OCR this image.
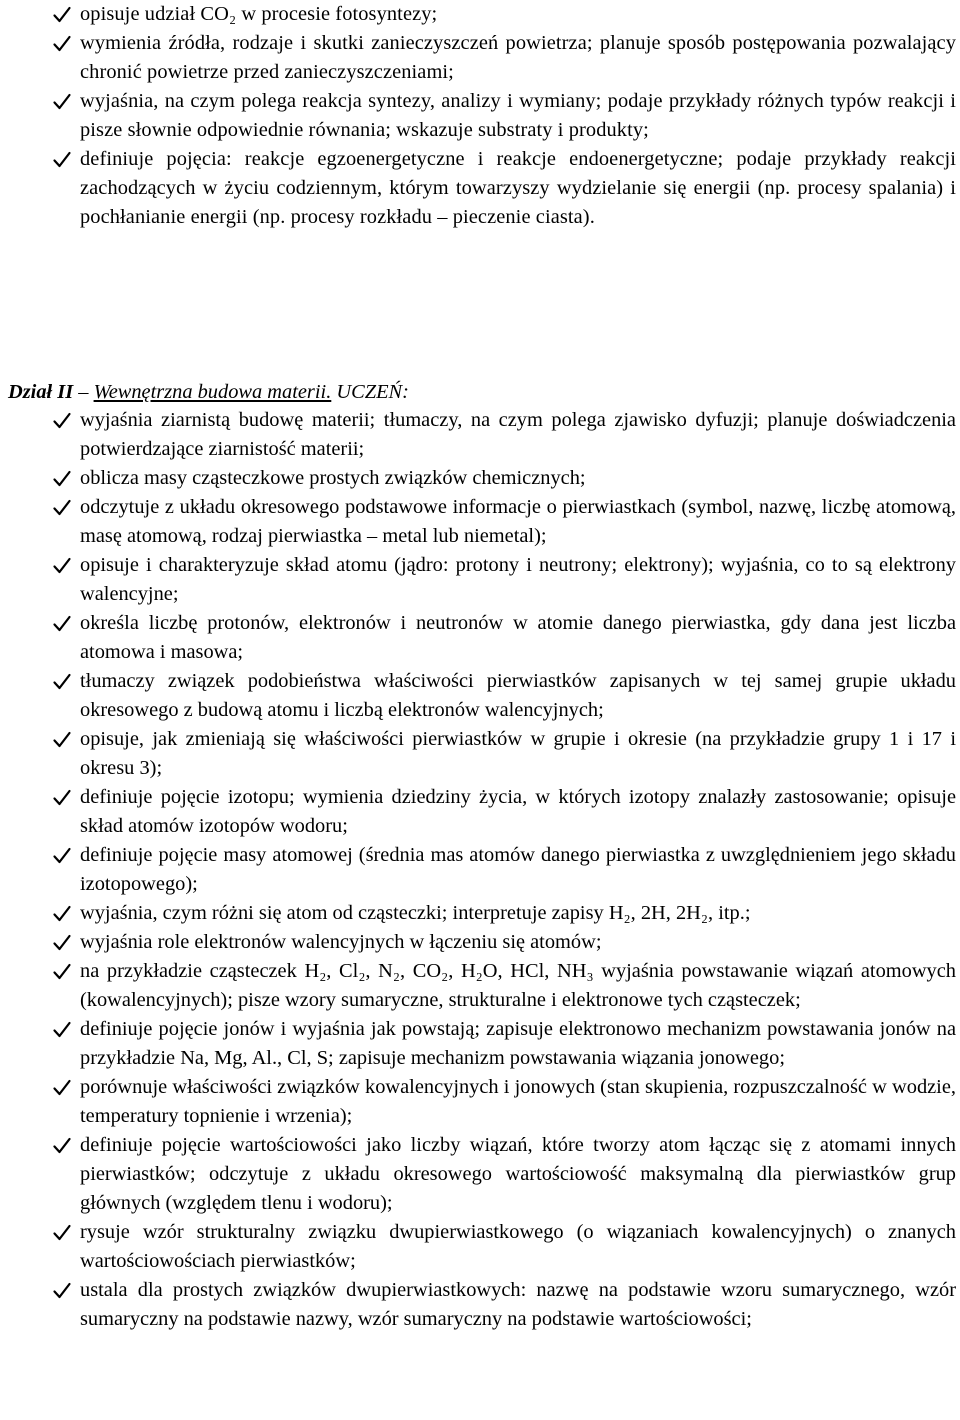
opisuje udział CO₂ w procesie fotosyntezy;

wymienia źródła, rodzaje i skutki zanieczyszczeń powietrza; planuje sposób postępowania pozwalający chronić powietrze przed zanieczyszczeniami;

wyjaśnia, na czym polega reakcja syntezy, analizy i wymiany; podaje przykłady różnych typów reakcji i pisze słownie odpowiednie równania; wskazuje substraty i produkty;

definiuje pojęcia: reakcje egzoenergetyczne i reakcje endoenergetyczne; podaje przykłady reakcji zachodzących w życiu codziennym, którym towarzyszy wydzielanie się energii (np. procesy spalania) i pochłanianie energii (np. procesy rozkładu – pieczenie ciasta).

Dział II – Wewnętrzna budowa materii. UCZEŃ:

wyjaśnia ziarnistą budowę materii; tłumaczy, na czym polega zjawisko dyfuzji; planuje doświadczenia potwierdzające ziarnistość materii;

oblicza masy cząsteczkowe prostych związków chemicznych;

odczytuje z układu okresowego podstawowe informacje o pierwiastkach (symbol, nazwę, liczbę atomową, masę atomową, rodzaj pierwiastka – metal lub niemetal);

opisuje i charakteryzuje skład atomu (jądro: protony i neutrony; elektrony); wyjaśnia, co to są elektrony walencyjne;

określa liczbę protonów, elektronów i neutronów w atomie danego pierwiastka, gdy dana jest liczba atomowa i masowa;

tłumaczy związek podobieństwa właściwości pierwiastków zapisanych w tej samej grupie układu okresowego z budową atomu i liczbą elektronów walencyjnych;

opisuje, jak zmieniają się właściwości pierwiastków w grupie i okresie (na przykładzie grupy 1 i 17 i okresu 3);

definiuje pojęcie izotopu; wymienia dziedziny życia, w których izotopy znalazły zastosowanie; opisuje skład atomów izotopów wodoru;

definiuje pojęcie masy atomowej (średnia mas atomów danego pierwiastka z uwzględnieniem jego składu izotopowego);

wyjaśnia, czym różni się atom od cząsteczki; interpretuje zapisy H₂, 2H, 2H₂, itp.;

wyjaśnia role elektronów walencyjnych w łączeniu się atomów;

na przykładzie cząsteczek H₂, Cl₂, N₂, CO₂, H₂O, HCl, NH₃ wyjaśnia powstawanie wiązań atomowych (kowalencyjnych); pisze wzory sumaryczne, strukturalne i elektronowe tych cząsteczek;

definiuje pojęcie jonów i wyjaśnia jak powstają; zapisuje elektronowo mechanizm powstawania jonów na przykładzie Na, Mg, Al., Cl, S; zapisuje mechanizm powstawania wiązania jonowego;

porównuje właściwości związków kowalencyjnych i jonowych (stan skupienia, rozpuszczalność w wodzie, temperatury topnienie i wrzenia);

definiuje pojęcie wartościowości jako liczby wiązań, które tworzy atom łącząc się z atomami innych pierwiastków; odczytuje z układu okresowego wartościowość maksymalną dla pierwiastków grup głównych (względem tlenu i wodoru);

rysuje wzór strukturalny związku dwupierwiastkowego (o wiązaniach kowalencyjnych) o znanych wartościowościach pierwiastków;

ustala dla prostych związków dwupierwiastkowych: nazwę na podstawie wzoru sumarycznego, wzór sumaryczny na podstawie nazwy, wzór sumaryczny na podstawie wartościowości;
